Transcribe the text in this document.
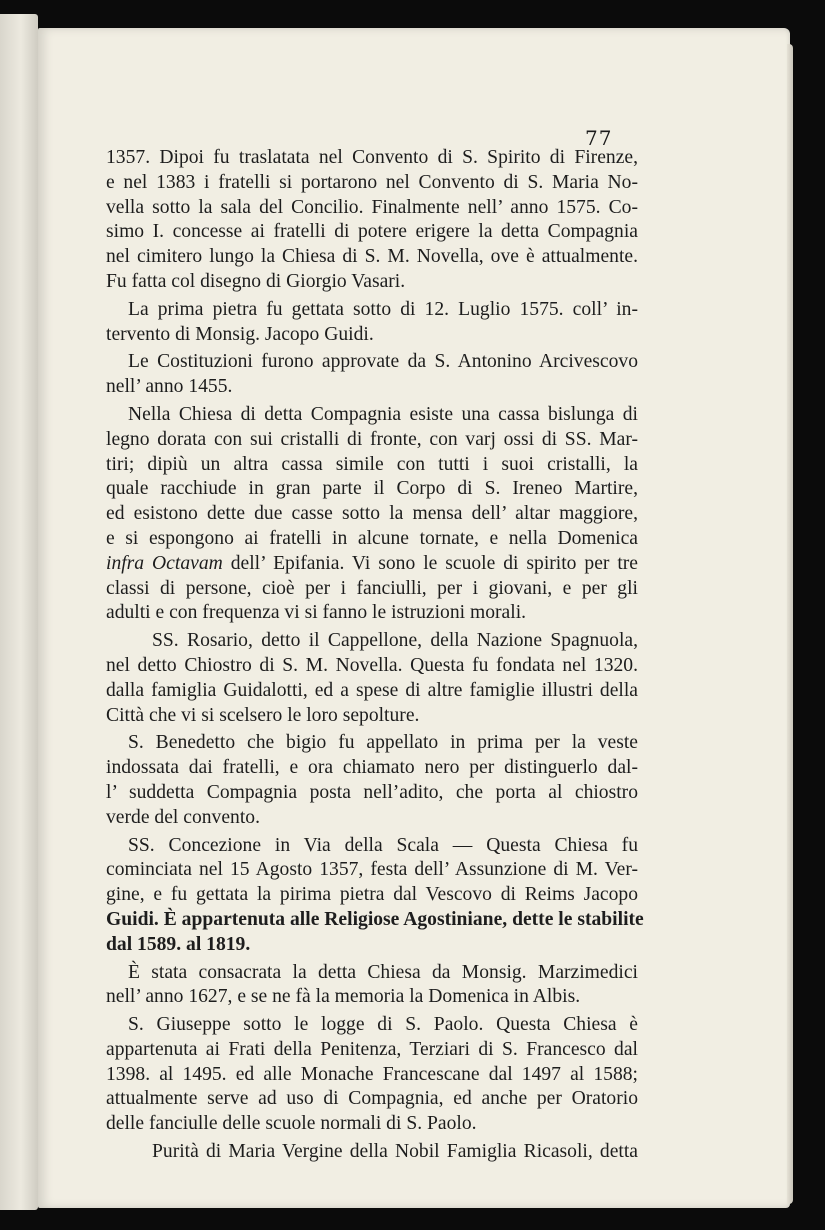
77
1357. Dipoi fu traslatata nel Convento di S. Spirito di Firenze,
e nel 1383 i fratelli si portarono nel Convento di S. Maria No-
vella sotto la sala del Concilio. Finalmente nell’ anno 1575. Co-
simo I. concesse ai fratelli di potere erigere la detta Compagnia
nel cimitero lungo la Chiesa di S. M. Novella, ove è attualmente.
Fu fatta col disegno di Giorgio Vasari.
La prima pietra fu gettata sotto di 12. Luglio 1575. coll’ in-
tervento di Monsig. Jacopo Guidi.
Le Costituzioni furono approvate da S. Antonino Arcivescovo
nell’ anno 1455.
Nella Chiesa di detta Compagnia esiste una cassa bislunga di
legno dorata con sui cristalli di fronte, con varj ossi di SS. Mar-
tiri; dipiù un altra cassa simile con tutti i suoi cristalli, la
quale racchiude in gran parte il Corpo di S. Ireneo Martire,
ed esistono dette due casse sotto la mensa dell’ altar maggiore,
e si espongono ai fratelli in alcune tornate, e nella Domenica
infra Octavam dell’ Epifania. Vi sono le scuole di spirito per tre
classi di persone, cioè per i fanciulli, per i giovani, e per gli
adulti e con frequenza vi si fanno le istruzioni morali.
SS. Rosario, detto il Cappellone, della Nazione Spagnuola,
nel detto Chiostro di S. M. Novella. Questa fu fondata nel 1320.
dalla famiglia Guidalotti, ed a spese di altre famiglie illustri della
Città che vi si scelsero le loro sepolture.
S. Benedetto che bigio fu appellato in prima per la veste
indossata dai fratelli, e ora chiamato nero per distinguerlo dal-
l’ suddetta Compagnia posta nell’adito, che porta al chiostro
verde del convento.
SS. Concezione in Via della Scala — Questa Chiesa fu
cominciata nel 15 Agosto 1357, festa dell’ Assunzione di M. Ver-
gine, e fu gettata la pirima pietra dal Vescovo di Reims Jacopo
Guidi. È appartenuta alle Religiose Agostiniane, dette le stabilite
dal 1589. al 1819.
È stata consacrata la detta Chiesa da Monsig. Marzimedici
nell’ anno 1627, e se ne fà la memoria la Domenica in Albis.
S. Giuseppe sotto le logge di S. Paolo. Questa Chiesa è
appartenuta ai Frati della Penitenza, Terziari di S. Francesco dal
1398. al 1495. ed alle Monache Francescane dal 1497 al 1588;
attualmente serve ad uso di Compagnia, ed anche per Oratorio
delle fanciulle delle scuole normali di S. Paolo.
Purità di Maria Vergine della Nobil Famiglia Ricasoli, detta
